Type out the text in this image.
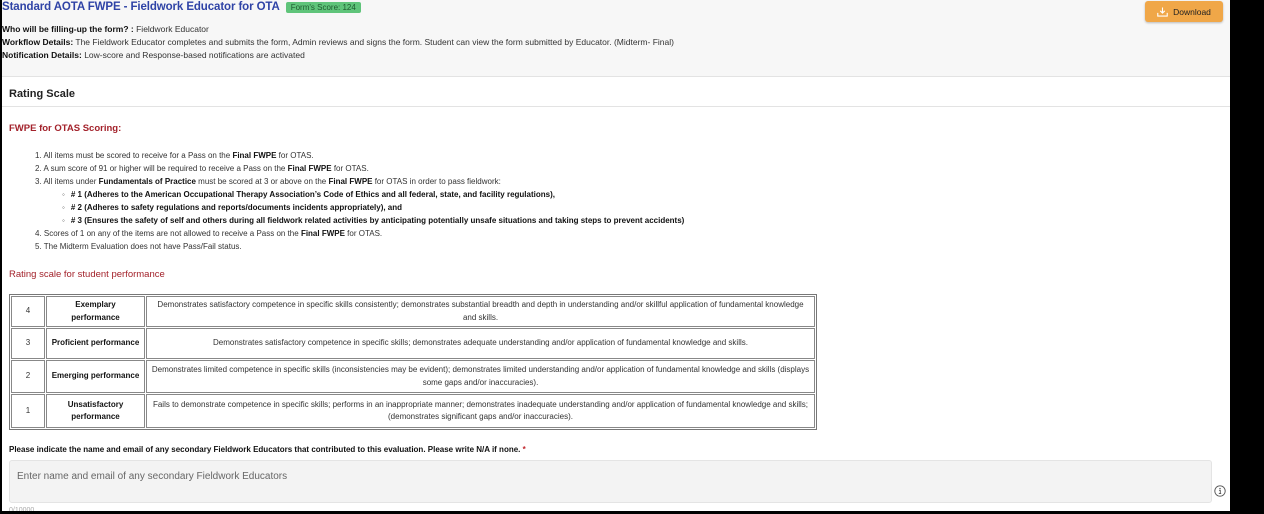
Standard AOTA FWPE - Fieldwork Educator for OTA	Form's Score: 124
Who will be filling-up the form? : Fieldwork Educator
Workflow Details: The Fieldwork Educator completes and submits the form, Admin reviews and signs the form. Student can view the form submitted by Educator. (Midterm- Final)
Notification Details: Low-score and Response-based notifications are activated
Download
Rating Scale
FWPE for OTAS Scoring:
1. All items must be scored to receive for a Pass on the Final FWPE for OTAS.
2. A sum score of 91 or higher will be required to receive a Pass on the Final FWPE for OTAS.
3. All items under Fundamentals of Practice must be scored at 3 or above on the Final FWPE for OTAS in order to pass fieldwork:
◦ # 1 (Adheres to the American Occupational Therapy Association’s Code of Ethics and all federal, state, and facility regulations),
◦ # 2 (Adheres to safety regulations and reports/documents incidents appropriately), and
◦ # 3 (Ensures the safety of self and others during all fieldwork related activities by anticipating potentially unsafe situations and taking steps to prevent accidents)
4. Scores of 1 on any of the items are not allowed to receive a Pass on the Final FWPE for OTAS.
5. The Midterm Evaluation does not have Pass/Fail status.
Rating scale for student performance
4	Exemplary performance	Demonstrates satisfactory competence in specific skills consistently; demonstrates substantial breadth and depth in understanding and/or skillful application of fundamental knowledge and skills.
3	Proficient performance	Demonstrates satisfactory competence in specific skills; demonstrates adequate understanding and/or application of fundamental knowledge and skills.
2	Emerging performance	Demonstrates limited competence in specific skills (inconsistencies may be evident); demonstrates limited understanding and/or application of fundamental knowledge and skills (displays some gaps and/or inaccuracies).
1	Unsatisfactory performance	Fails to demonstrate competence in specific skills; performs in an inappropriate manner; demonstrates inadequate understanding and/or application of fundamental knowledge and skills; (demonstrates significant gaps and/or inaccuracies).
Please indicate the name and email of any secondary Fieldwork Educators that contributed to this evaluation. Please write N/A if none. *
Enter name and email of any secondary Fieldwork Educators
0/10000
